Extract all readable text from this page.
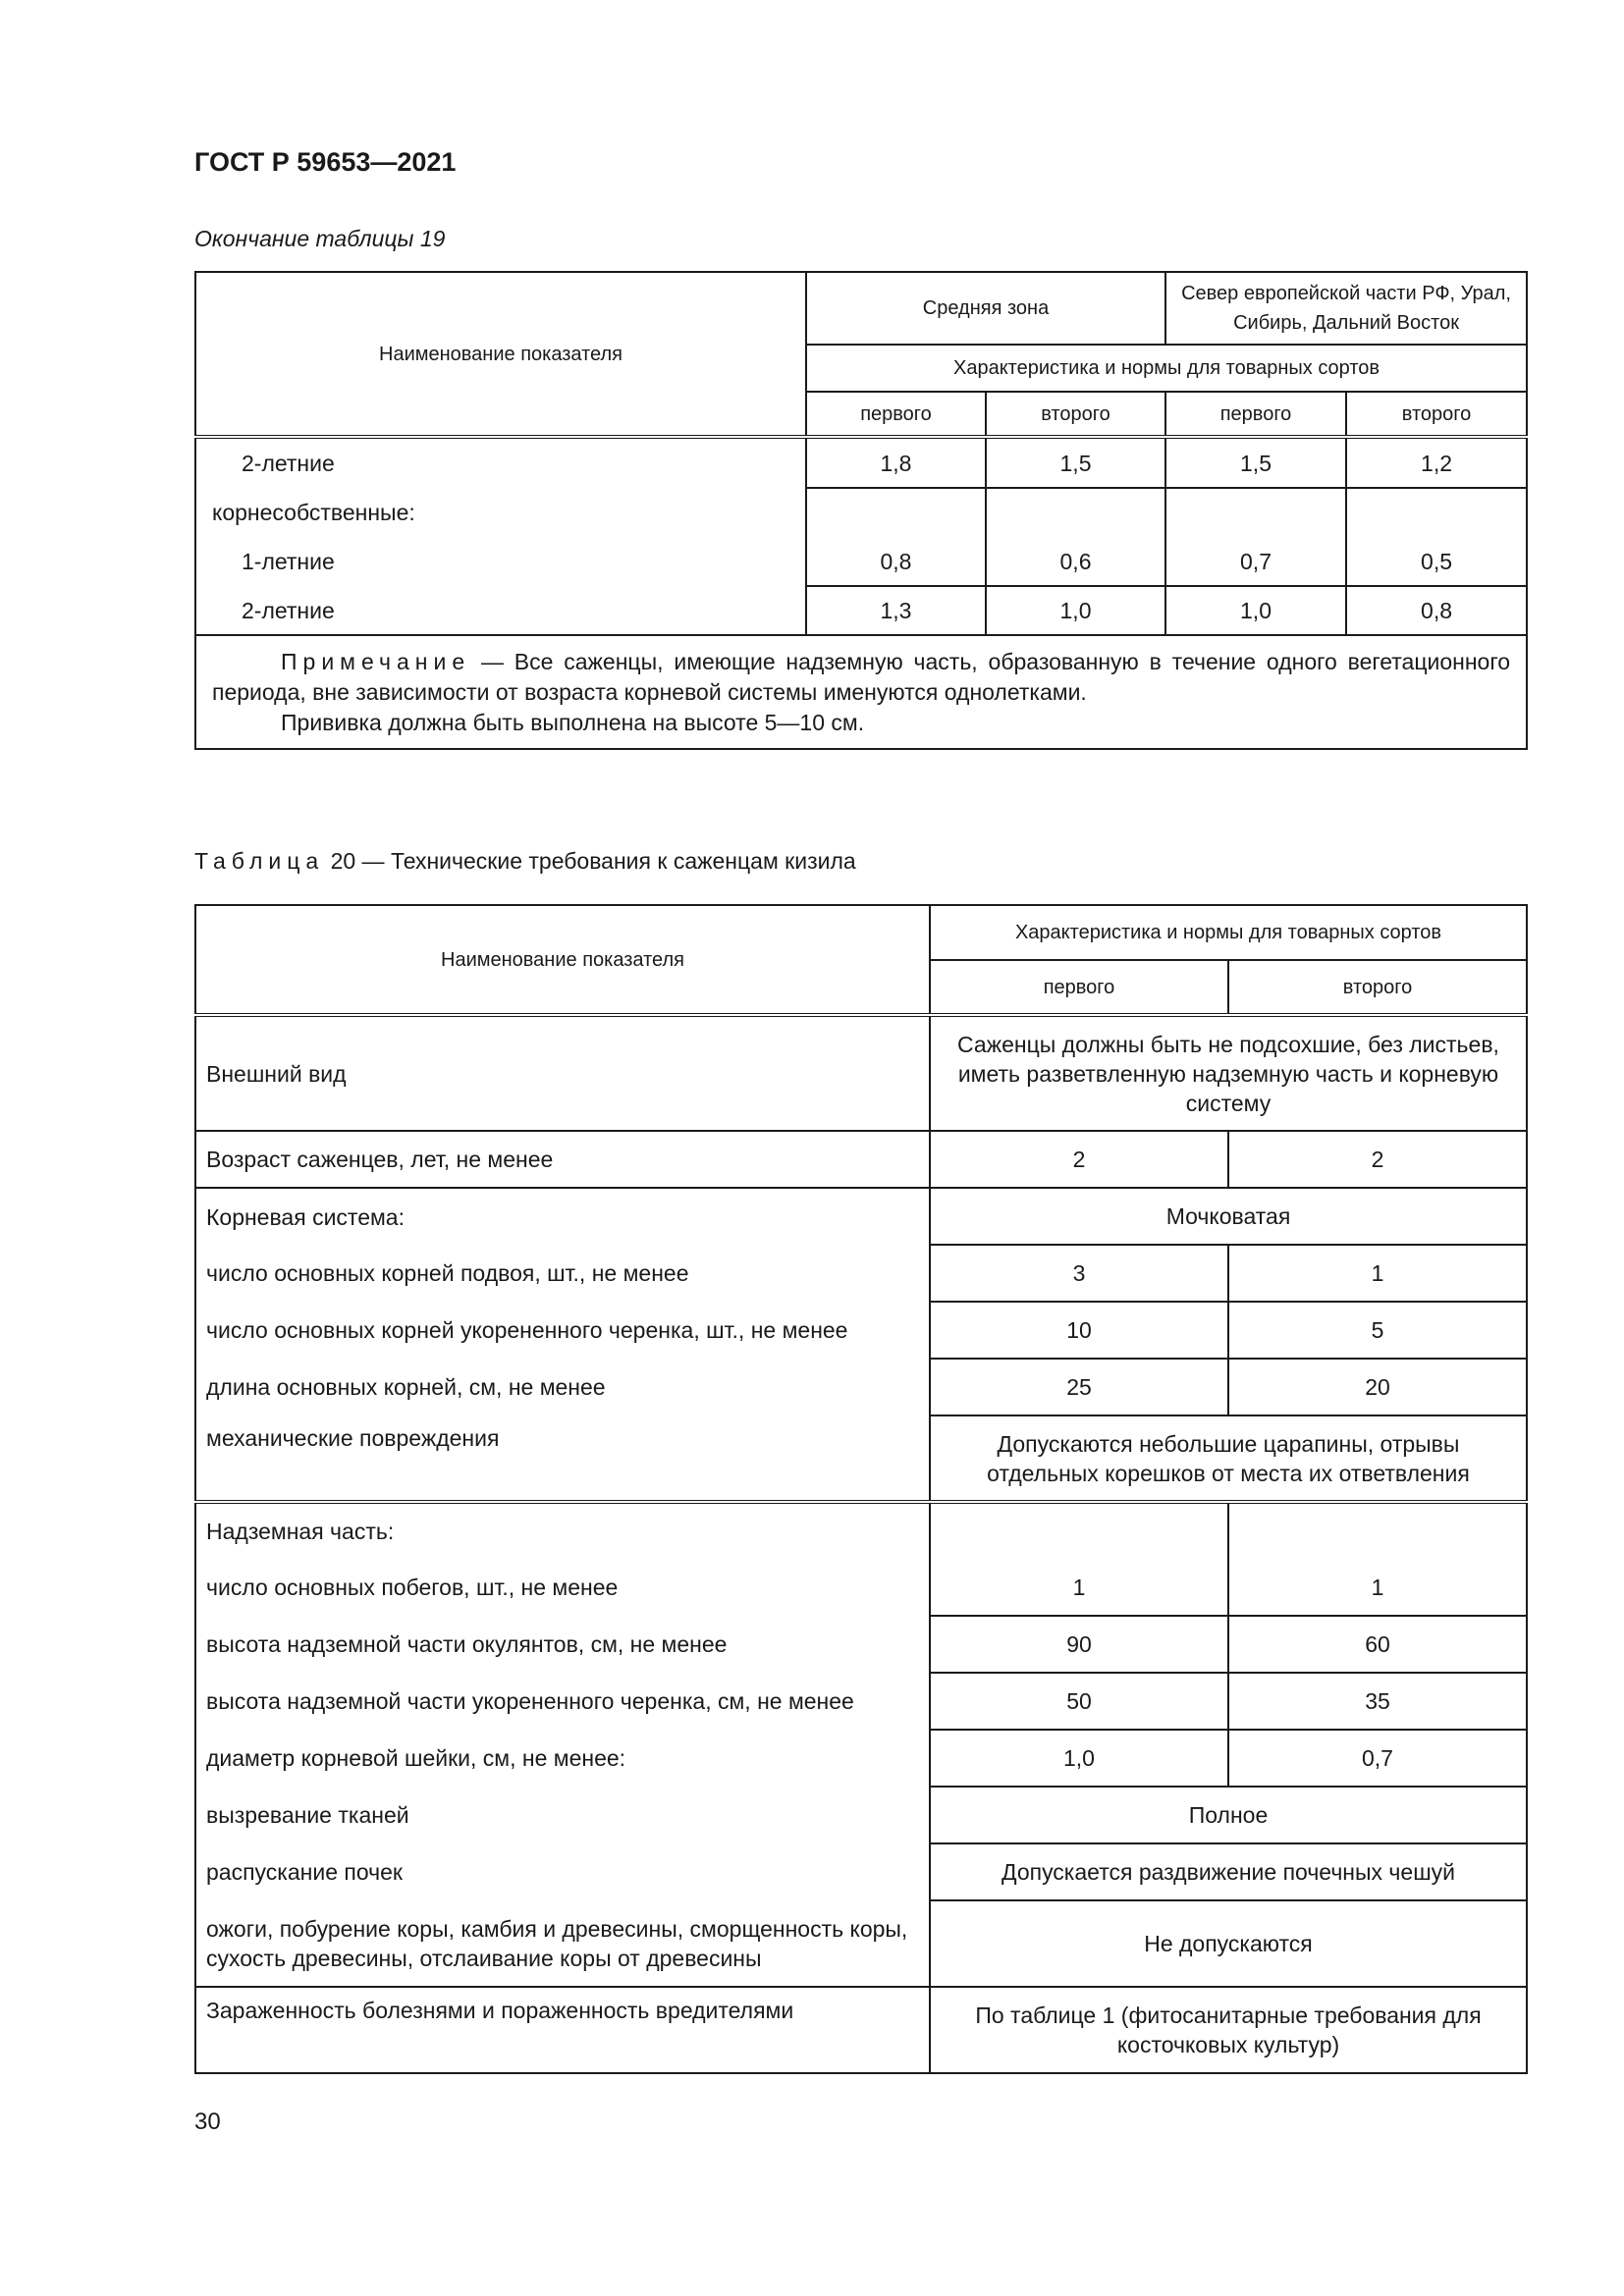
ГОСТ Р 59653—2021
Окончание таблицы 19
Наименование показателя	Средняя зона		Север европейской части РФ, Урал, Сибирь, Дальний Восток	
	Характеристика и нормы для товарных сортов			
	первого	второго	первого	второго
2-летние	1,8	1,5	1,5	1,2
корнесобственные:				
1-летние	0,8	0,6	0,7	0,5
2-летние	1,3	1,0	1,0	0,8
Примечание — Все саженцы, имеющие надземную часть, образованную в течение одного вегетационного периода, вне зависимости от возраста корневой системы именуются однолетками.
Прививка должна быть выполнена на высоте 5—10 см.				
Таблица 20 — Технические требования к саженцам кизила
Наименование показателя	Характеристика и нормы для товарных сортов	
	первого	второго
Внешний вид	Саженцы должны быть не подсохшие, без листьев, иметь разветвленную надземную часть и корневую систему	
Возраст саженцев, лет, не менее	2	2
Корневая система:	Мочковатая	
число основных корней подвоя, шт., не менее	3	1
число основных корней укорененного черенка, шт., не менее	10	5
длина основных корней, см, не менее	25	20
механические повреждения	Допускаются небольшие царапины, отрывы отдельных корешков от места их ответвления	
Надземная часть:		
число основных побегов, шт., не менее	1	1
высота надземной части окулянтов, см, не менее	90	60
высота надземной части укорененного черенка, см, не менее	50	35
диаметр корневой шейки, см, не менее:	1,0	0,7
вызревание тканей	Полное	
распускание почек	Допускается раздвижение почечных чешуй	
ожоги, побурение коры, камбия и древесины, сморщенность коры, сухость древесины, отслаивание коры от древесины	Не допускаются	
Зараженность болезнями и пораженность вредителями	По таблице 1 (фитосанитарные требования для косточковых культур)	
30
